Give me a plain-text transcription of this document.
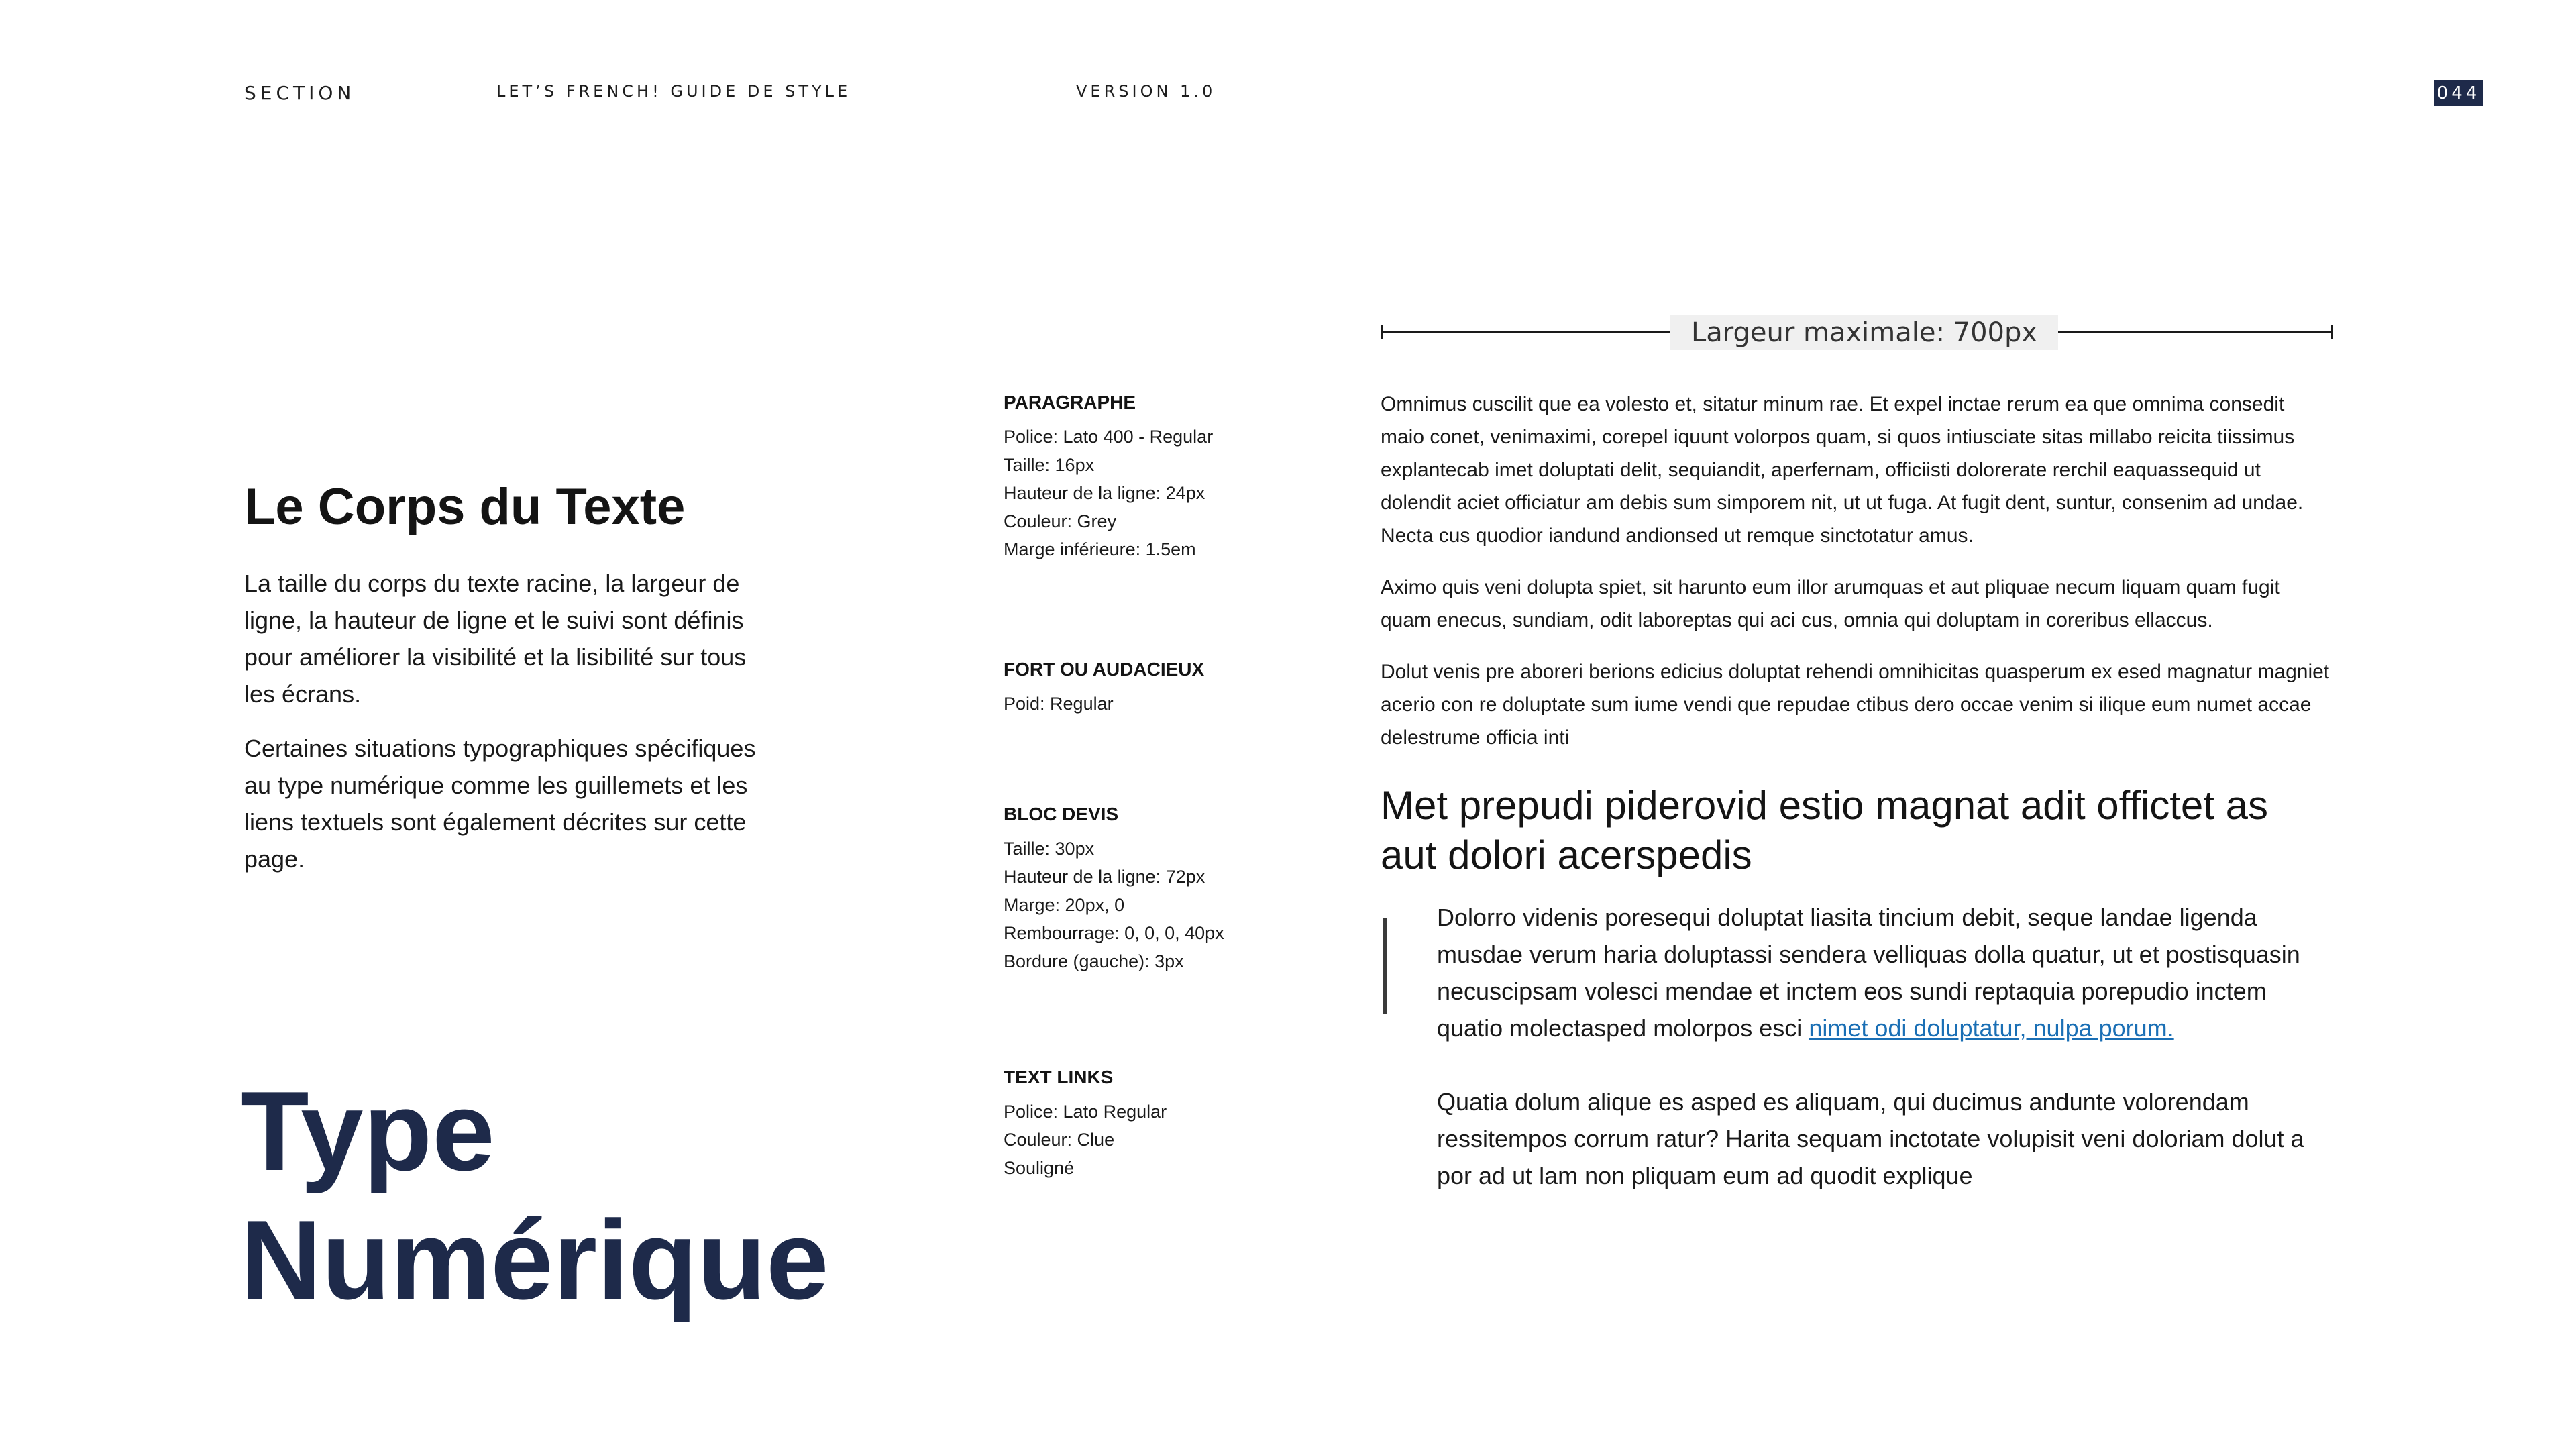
SECTION	LET’S FRENCH! GUIDE DE STYLE	VERSION 1.0	044
Le Corps du Texte

La taille du corps du texte racine, la largeur de ligne, la hauteur de ligne et le suivi sont définis pour améliorer la visibilité et la lisibilité sur tous les écrans.

Certaines situations typographiques spécifiques au type numérique comme les guillemets et les liens textuels sont également décrites sur cette page.

Type
Numérique
PARAGRAPHE
Police: Lato 400 - Regular
Taille: 16px
Hauteur de la ligne: 24px
Couleur: Grey
Marge inférieure: 1.5em
FORT OU AUDACIEUX
Poid: Regular
BLOC DEVIS
Taille: 30px
Hauteur de la ligne: 72px
Marge: 20px, 0
Rembourrage: 0, 0, 0, 40px
Bordure (gauche): 3px
TEXT LINKS
Police: Lato Regular
Couleur: Clue
Souligné
Largeur maximale: 700px

Omnimus cuscilit que ea volesto et, sitatur minum rae. Et expel inctae rerum ea que omnima consedit maio conet, venimaximi, corepel iquunt volorpos quam, si quos intiusciate sitas millabo reicita tiissimus explantecab imet doluptati delit, sequiandit, aperfernam, officiisti dolorerate rerchil eaquassequid ut dolendit aciet officiatur am debis sum simporem nit, ut ut fuga. At fugit dent, suntur, consenim ad undae. Necta cus quodior iandund andionsed ut remque sinctotatur amus.

Aximo quis veni dolupta spiet, sit harunto eum illor arumquas et aut pliquae necum liquam quam fugit quam enecus, sundiam, odit laboreptas qui aci cus, omnia qui doluptam in coreribus ellaccus.

Dolut venis pre aboreri berions edicius doluptat rehendi omnihicitas quasperum ex esed magnatur magniet acerio con re doluptate sum iume vendi que repudae ctibus dero occae venim si ilique eum numet accae delestrume officia inti

Met prepudi piderovid estio magnat adit offictet as aut dolori acerspedis

Dolorro videnis poresequi doluptat liasita tincium debit, seque landae ligenda musdae verum haria doluptassi sendera velliquas dolla quatur, ut et postisquasin necuscipsam volesci mendae et inctem eos sundi reptaquia porepudio inctem quatio molectasped molorpos esci nimet odi doluptatur, nulpa porum.

Quatia dolum alique es asped es aliquam, qui ducimus andunte volorendam ressitempos corrum ratur? Harita sequam inctotate volupisit veni doloriam dolut a por ad ut lam non pliquam eum ad quodit explique
